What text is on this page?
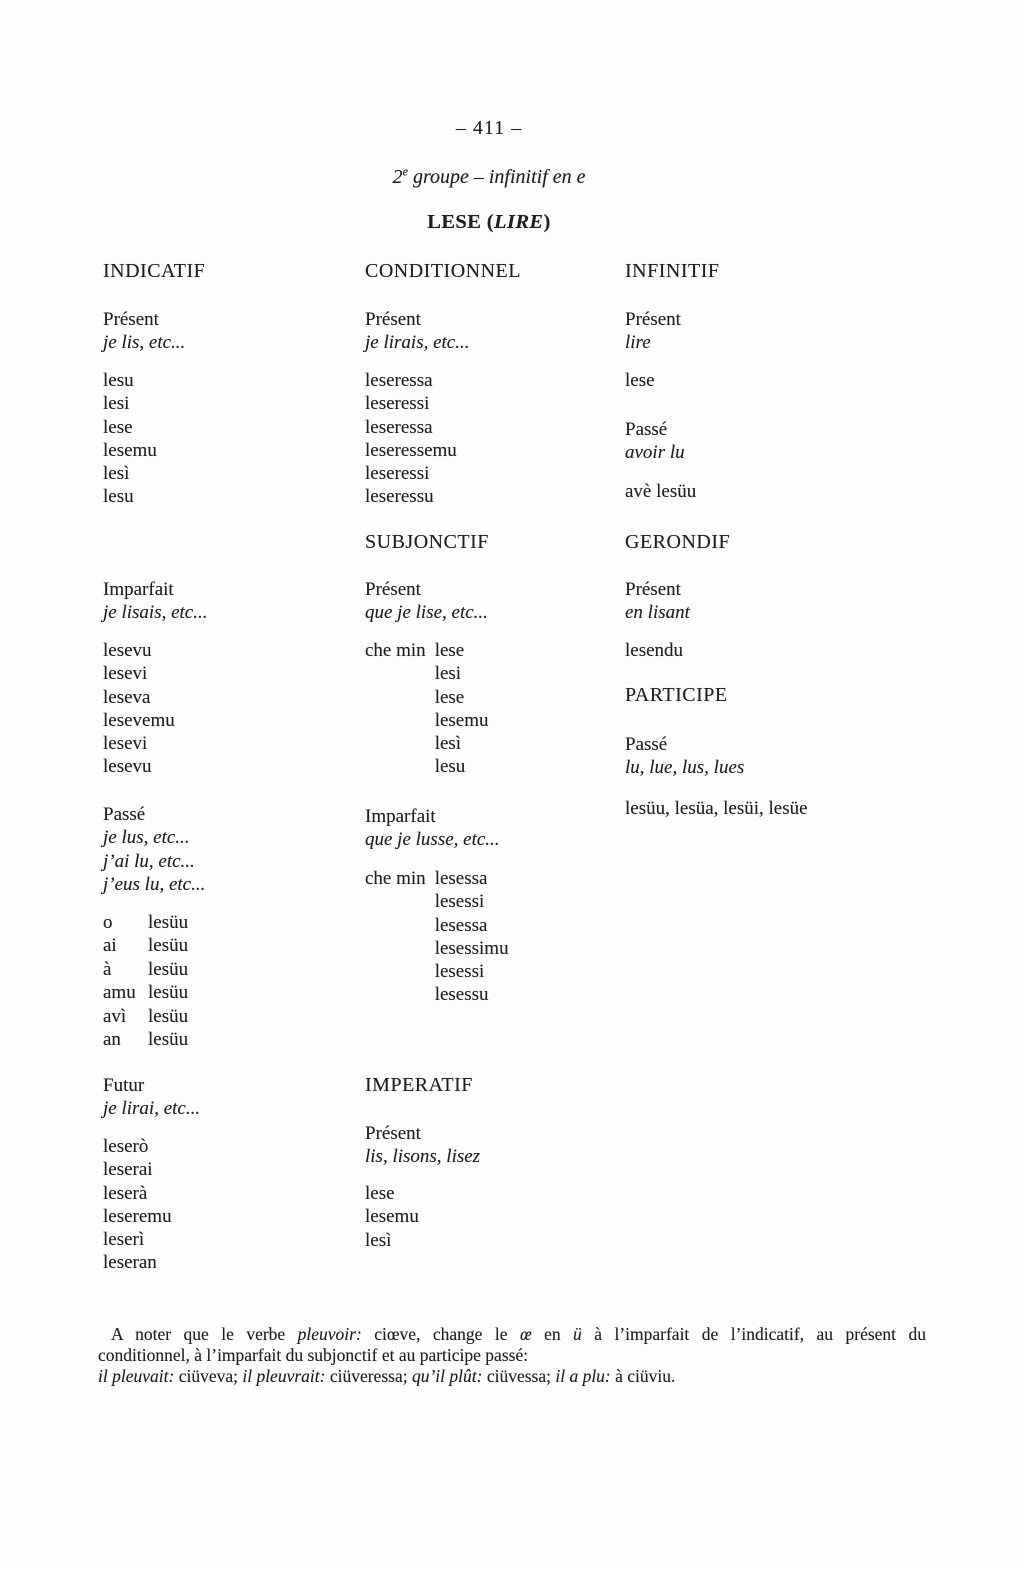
– 411 –
2e groupe – infinitif en e
LESE (LIRE)
INDICATIF
Présent
je lis, etc...
lesu
lesi
lese
lesemu
lesì
lesu
Imparfait
je lisais, etc...
lesevu
lesevi
leseva
lesevemu
lesevi
lesevu
Passé
je lus, etc...
j’ai lu, etc...
j’eus lu, etc...
o lesüu
ai lesüu
à lesüu
amu lesüu
avì lesüu
an lesüu
Futur
je lirai, etc...
leserò
leserai
leserà
leseremu
leserì
leseran
CONDITIONNEL
Présent
je lirais, etc...
leseressa
leseressi
leseressa
leseressemu
leseressi
leseressu
SUBJONCTIF
Présent
que je lise, etc...
che min lese
lesi
lese
lesemu
lesì
lesu
Imparfait
que je lusse, etc...
che min lesessa
lesessi
lesessa
lesessimu
lesessi
lesessu
IMPERATIF
Présent
lis, lisons, lisez
lese
lesemu
lesì
INFINITIF
Présent
lire
lese
Passé
avoir lu
avè lesüu
GERONDIF
Présent
en lisant
lesendu
PARTICIPE
Passé
lu, lue, lus, lues
lesüu, lesüa, lesüi, lesüe
A noter que le verbe pleuvoir: ciœve, change le œ en ü à l’imparfait de l’indicatif, au présent du
conditionnel, à l’imparfait du subjonctif et au participe passé:
il pleuvait: ciüveva; il pleuvrait: ciüveressa; qu’il plût: ciüvessa; il a plu: à ciüviu.
